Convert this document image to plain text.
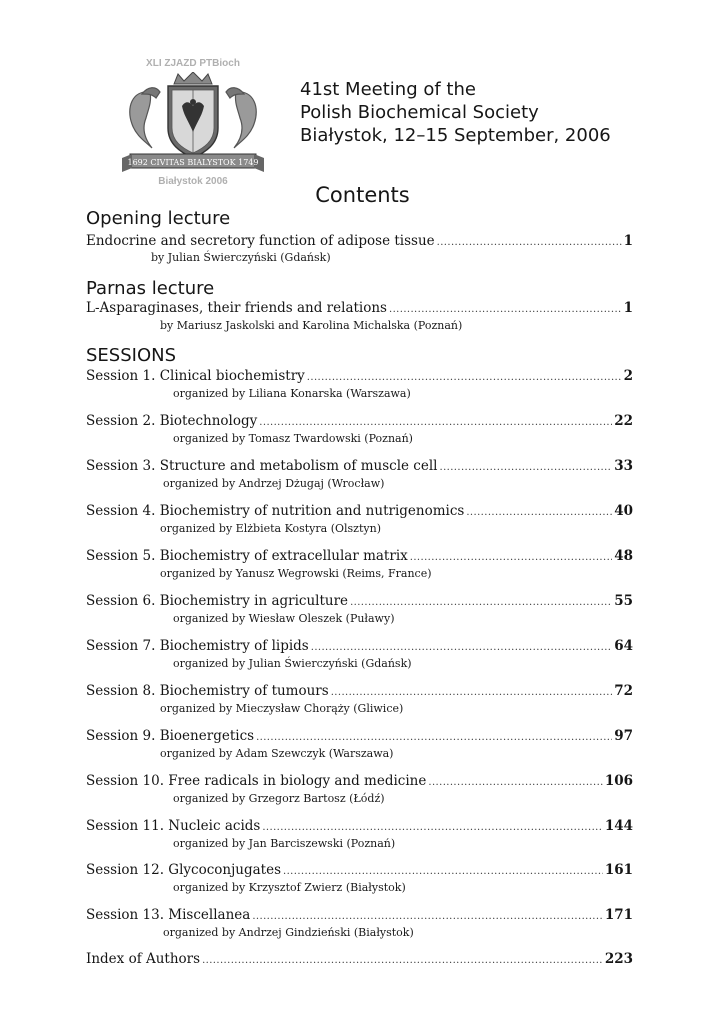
XLI ZJAZD PTBioch
1692 CIVITAS BIALYSTOK 1749
Białystok 2006
41st Meeting of the
Polish Biochemical Society
Białystok, 12–15 September, 2006
Contents
Opening lecture
Endocrine and secretory function of adipose tissue .....	1
by Julian Świerczyński (Gdańsk)
Parnas lecture
L-Asparaginases, their friends and relations .....	1
by Mariusz Jaskolski and Karolina Michalska (Poznań)
SESSIONS
Session 1. Clinical biochemistry .....	2
organized by Liliana Konarska (Warszawa)
Session 2. Biotechnology .....	22
organized by Tomasz Twardowski (Poznań)
Session 3. Structure and metabolism of muscle cell .....	33
organized by Andrzej Dżugaj (Wrocław)
Session 4. Biochemistry of nutrition and nutrigenomics .....	40
organized by Elżbieta Kostyra (Olsztyn)
Session 5. Biochemistry of extracellular matrix .....	48
organized by Yanusz Wegrowski (Reims, France)
Session 6. Biochemistry in agriculture .....	55
organized by Wiesław Oleszek (Puławy)
Session 7. Biochemistry of lipids .....	64
organized by Julian Świerczyński (Gdańsk)
Session 8. Biochemistry of tumours .....	72
organized by Mieczysław Chorąży (Gliwice)
Session 9. Bioenergetics .....	97
organized by Adam Szewczyk (Warszawa)
Session 10. Free radicals in biology and medicine .....	106
organized by Grzegorz Bartosz (Łódź)
Session 11. Nucleic acids .....	144
organized by Jan Barciszewski (Poznań)
Session 12. Glycoconjugates .....	161
organized by Krzysztof Zwierz (Białystok)
Session 13. Miscellanea .....	171
organized by Andrzej Gindzieński (Białystok)
Index of Authors .....	223
